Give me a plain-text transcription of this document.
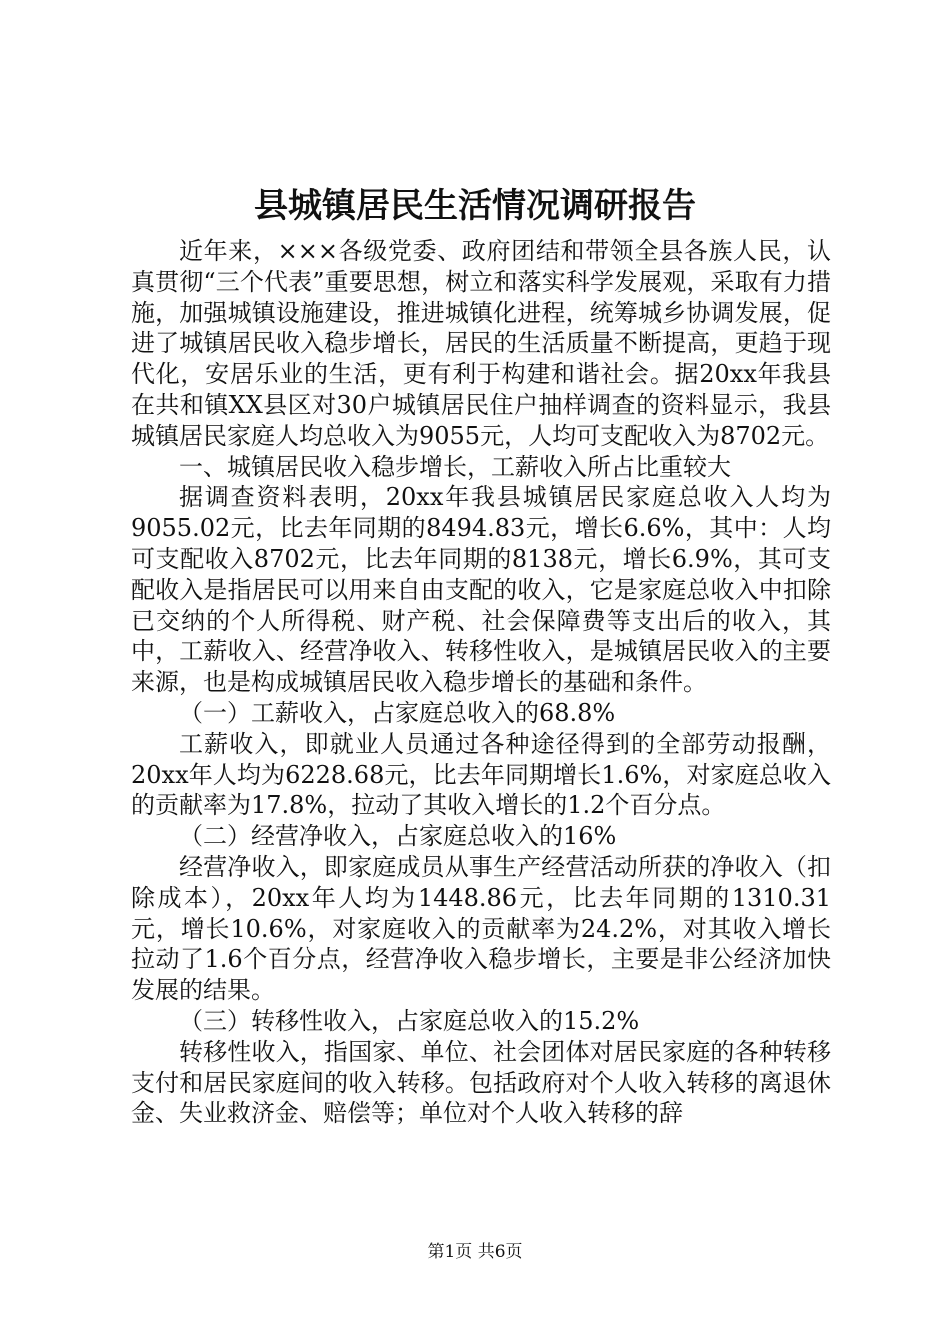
县城镇居民生活情况调研报告

近年来，×××各级党委、政府团结和带领全县各族人民，认真贯彻“三个代表”重要思想，树立和落实科学发展观，采取有力措施，加强城镇设施建设，推进城镇化进程，统筹城乡协调发展，促进了城镇居民收入稳步增长，居民的生活质量不断提高，更趋于现代化，安居乐业的生活，更有利于构建和谐社会。据20xx年我县在共和镇XX县区对30户城镇居民住户抽样调查的资料显示，我县城镇居民家庭人均总收入为9055元，人均可支配收入为8702元。

一、城镇居民收入稳步增长，工薪收入所占比重较大

据调查资料表明，20xx年我县城镇居民家庭总收入人均为9055.02元，比去年同期的8494.83元，增长6.6%，其中：人均可支配收入8702元，比去年同期的8138元，增长6.9%，其可支配收入是指居民可以用来自由支配的收入，它是家庭总收入中扣除已交纳的个人所得税、财产税、社会保障费等支出后的收入，其中，工薪收入、经营净收入、转移性收入，是城镇居民收入的主要来源，也是构成城镇居民收入稳步增长的基础和条件。

（一）工薪收入，占家庭总收入的68.8%

工薪收入，即就业人员通过各种途径得到的全部劳动报酬，20xx年人均为6228.68元，比去年同期增长1.6%，对家庭总收入的贡献率为17.8%，拉动了其收入增长的1.2个百分点。

（二）经营净收入，占家庭总收入的16%

经营净收入，即家庭成员从事生产经营活动所获的净收入（扣除成本），20xx年人均为1448.86元，比去年同期的1310.31元，增长10.6%，对家庭收入的贡献率为24.2%，对其收入增长拉动了1.6个百分点，经营净收入稳步增长，主要是非公经济加快发展的结果。

（三）转移性收入，占家庭总收入的15.2%

转移性收入，指国家、单位、社会团体对居民家庭的各种转移支付和居民家庭间的收入转移。包括政府对个人收入转移的离退休金、失业救济金、赔偿等；单位对个人收入转移的辞

第1页 共6页
